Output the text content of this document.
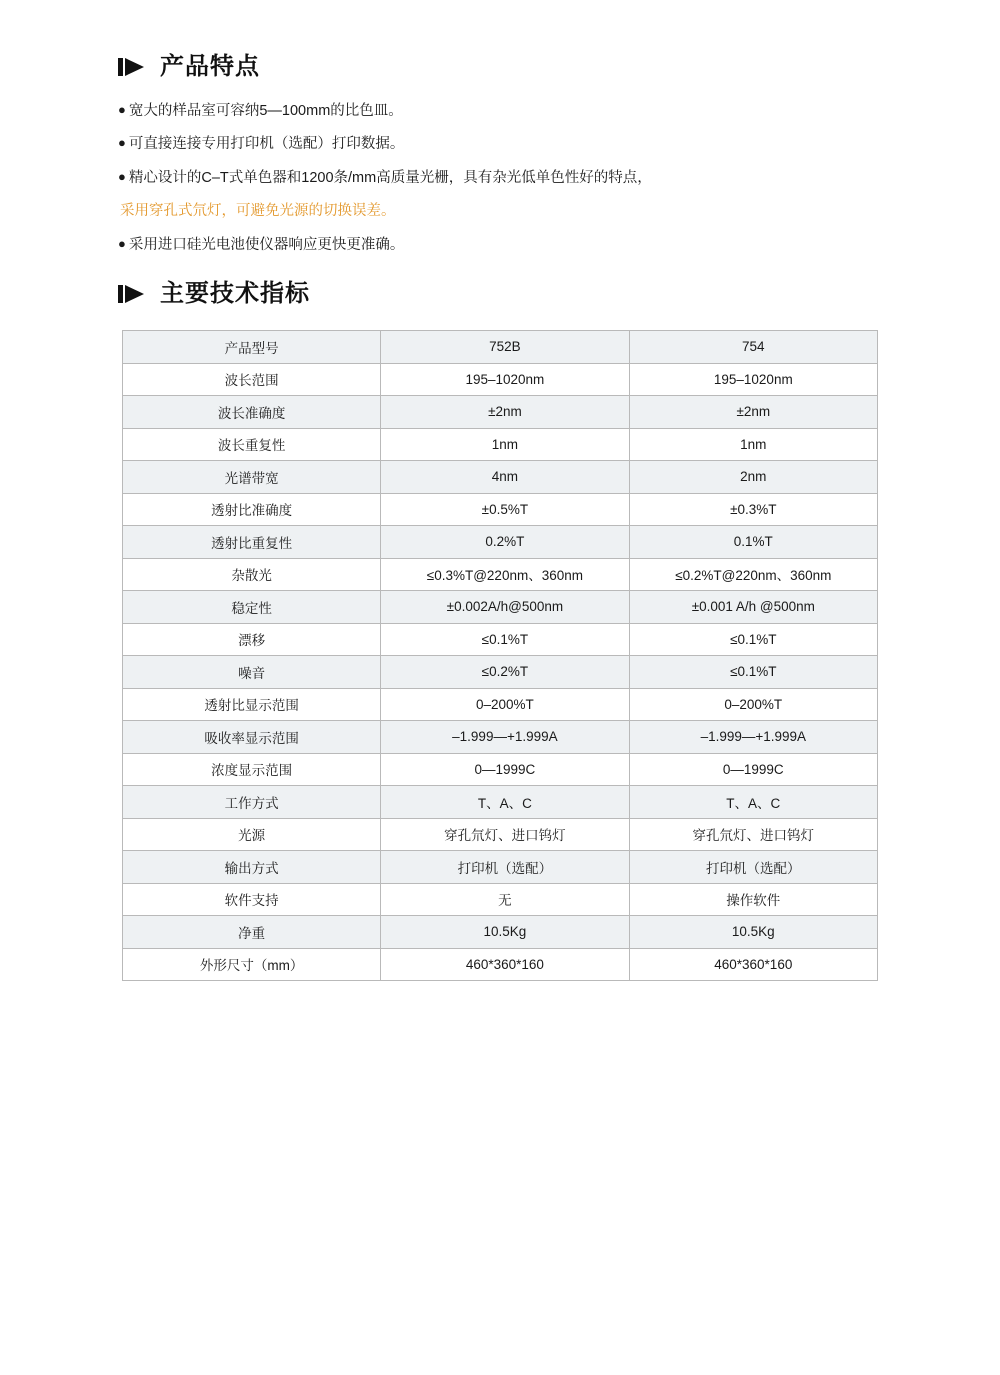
产品特点
● 宽大的样品室可容纳5—100mm的比色皿。
● 可直接连接专用打印机（选配）打印数据。
● 精心设计的C–T式单色器和1200条/mm高质量光栅，具有杂光低单色性好的特点，
采用穿孔式氘灯，可避免光源的切换误差。
● 采用进口硅光电池使仪器响应更快更准确。
主要技术指标
产品型号	752B	754
波长范围	195–1020nm	195–1020nm
波长准确度	±2nm	±2nm
波长重复性	1nm	1nm
光谱带宽	4nm	2nm
透射比准确度	±0.5%T	±0.3%T
透射比重复性	0.2%T	0.1%T
杂散光	≤0.3%T@220nm、360nm	≤0.2%T@220nm、360nm
稳定性	±0.002A/h@500nm	±0.001 A/h @500nm
漂移	≤0.1%T	≤0.1%T
噪音	≤0.2%T	≤0.1%T
透射比显示范围	0–200%T	0–200%T
吸收率显示范围	–1.999—+1.999A	–1.999—+1.999A
浓度显示范围	0—1999C	0—1999C
工作方式	T、A、C	T、A、C
光源	穿孔氘灯、进口钨灯	穿孔氘灯、进口钨灯
输出方式	打印机（选配）	打印机（选配）
软件支持	无	操作软件
净重	10.5Kg	10.5Kg
外形尺寸（mm）	460*360*160	460*360*160
